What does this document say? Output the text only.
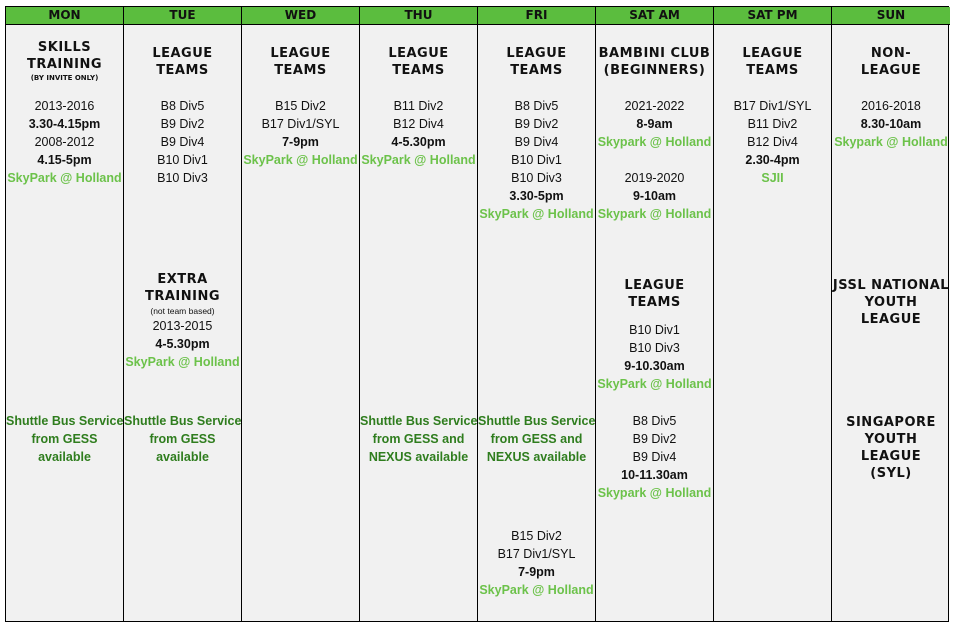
MON
SKILLS
TRAINING
(BY INVITE ONLY)
2013-2016
3.30-4.15pm
2008-2012
4.15-5pm
SkyPark @ Holland
Shuttle Bus Service
from GESS
available
TUE
LEAGUE
TEAMS
B8 Div5
B9 Div2
B9 Div4
B10 Div1
B10 Div3
EXTRA
TRAINING
(not team based)
2013-2015
4-5.30pm
SkyPark @ Holland
Shuttle Bus Service
from GESS
available
WED
LEAGUE
TEAMS
B15 Div2
B17 Div1/SYL
7-9pm
SkyPark @ Holland
THU
LEAGUE
TEAMS
B11 Div2
B12 Div4
4-5.30pm
SkyPark @ Holland
Shuttle Bus Service
from GESS and
NEXUS available
FRI
LEAGUE
TEAMS
B8 Div5
B9 Div2
B9 Div4
B10 Div1
B10 Div3
3.30-5pm
SkyPark @ Holland
Shuttle Bus Service
from GESS and
NEXUS available
B15 Div2
B17 Div1/SYL
7-9pm
SkyPark @ Holland
SAT AM
BAMBINI CLUB
(BEGINNERS)
2021-2022
8-9am
Skypark @ Holland
2019-2020
9-10am
Skypark @ Holland
LEAGUE
TEAMS
B10 Div1
B10 Div3
9-10.30am
SkyPark @ Holland
B8 Div5
B9 Div2
B9 Div4
10-11.30am
Skypark @ Holland
SAT PM
LEAGUE
TEAMS
B17 Div1/SYL
B11 Div2
B12 Div4
2.30-4pm
SJII
SUN
NON-
LEAGUE
2016-2018
8.30-10am
Skypark @ Holland
JSSL NATIONAL
YOUTH LEAGUE
SINGAPORE
YOUTH LEAGUE
(SYL)
